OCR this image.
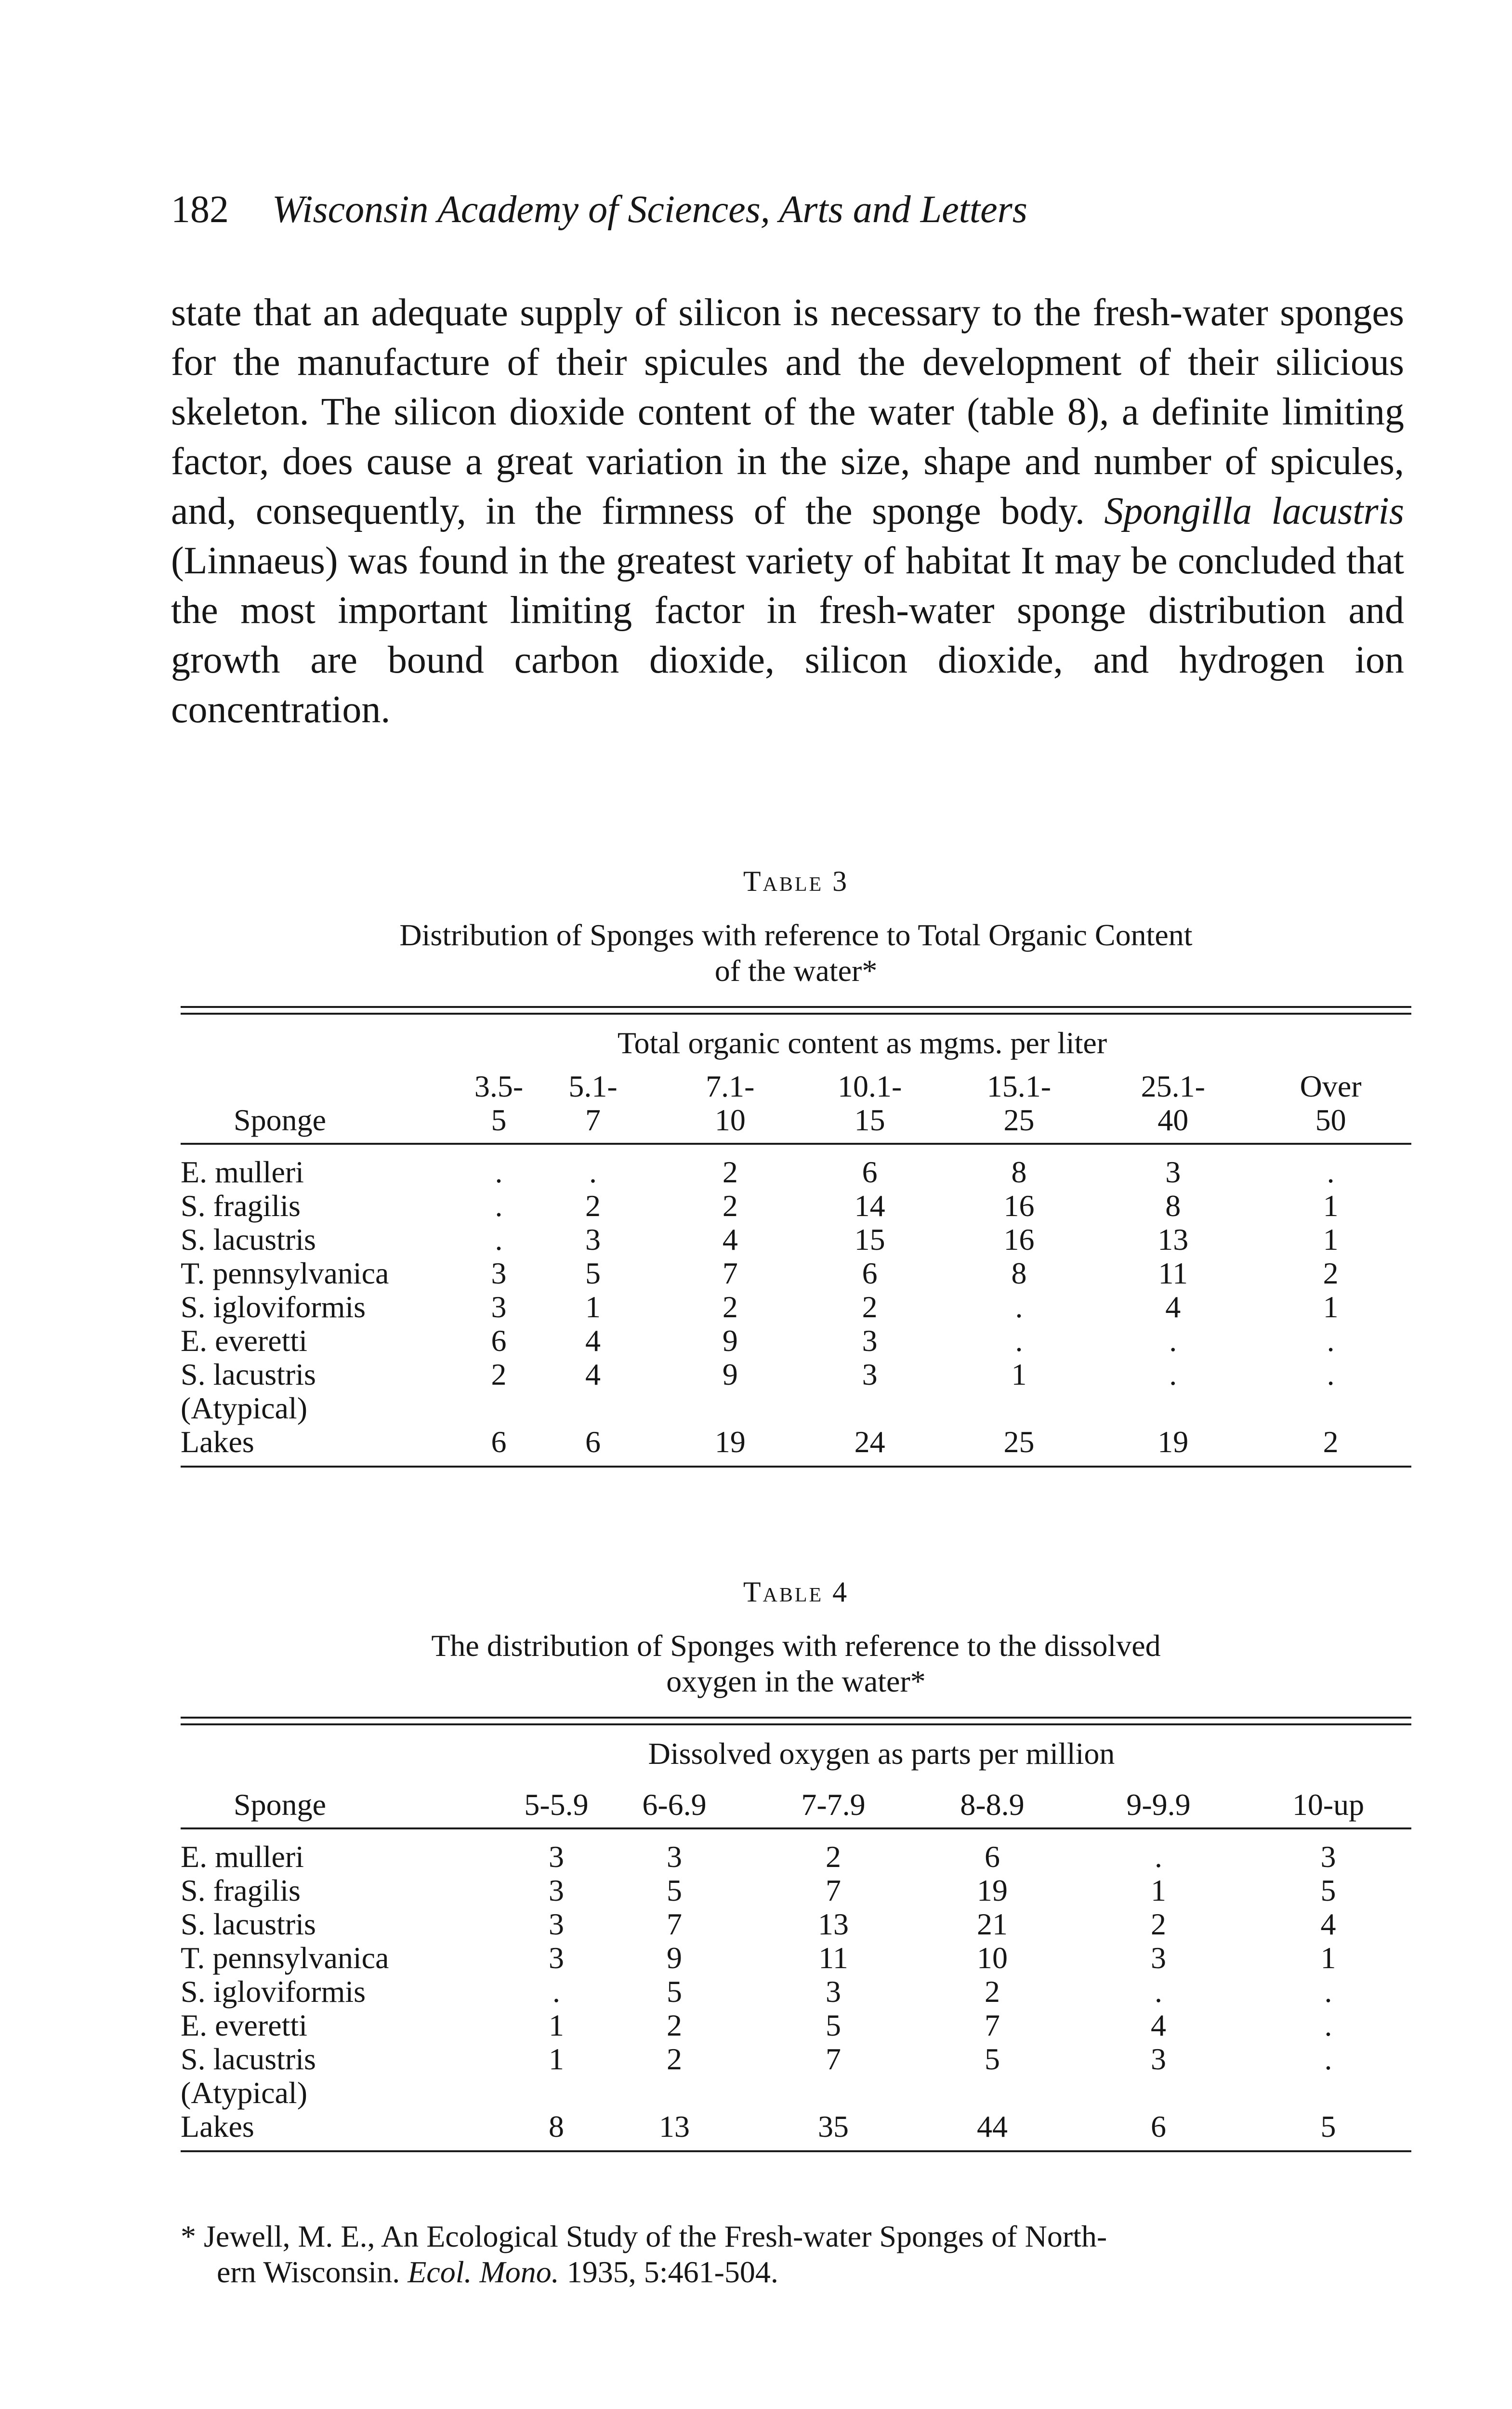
182 Wisconsin Academy of Sciences, Arts and Letters
state that an adequate supply of silicon is necessary to the fresh-water sponges for the manufacture of their spicules and the development of their silicious skeleton. The silicon dioxide content of the water (table 8), a definite limiting factor, does cause a great variation in the size, shape and number of spicules, and, consequently, in the firmness of the sponge body. Spongilla lacustris (Linnaeus) was found in the greatest variety of habitat It may be concluded that the most important limiting factor in fresh-water sponge distribution and growth are bound carbon dioxide, silicon dioxide, and hydrogen ion concentration.
Table 3
Distribution of Sponges with reference to Total Organic Content
of the water*
	Total organic content as mgms. per liter						
	3.5-	5.1-	7.1-	10.1-	15.1-	25.1-	Over
Sponge	5	7	10	15	25	40	50

E. mulleri	.	.	2	6	8	3	.
S. fragilis	.	2	2	14	16	8	1
S. lacustris	.	3	4	15	16	13	1
T. pennsylvanica	3	5	7	6	8	11	2
S. igloviformis	3	1	2	2	.	4	1
E. everetti	6	4	9	3	.	.	.
S. lacustris	2	4	9	3	1	.	.
(Atypical)							
Lakes	6	6	19	24	25	19	2
Table 4
The distribution of Sponges with reference to the dissolved
oxygen in the water*
	Dissolved oxygen as parts per million					
Sponge	5-5.9	6-6.9	7-7.9	8-8.9	9-9.9	10-up

E. mulleri	3	3	2	6	.	3
S. fragilis	3	5	7	19	1	5
S. lacustris	3	7	13	21	2	4
T. pennsylvanica	3	9	11	10	3	1
S. igloviformis	.	5	3	2	.	.
E. everetti	1	2	5	7	4	.
S. lacustris	1	2	7	5	3	.
(Atypical)						
Lakes	8	13	35	44	6	5
* Jewell, M. E., An Ecological Study of the Fresh-water Sponges of North-
ern Wisconsin. Ecol. Mono. 1935, 5:461-504.
